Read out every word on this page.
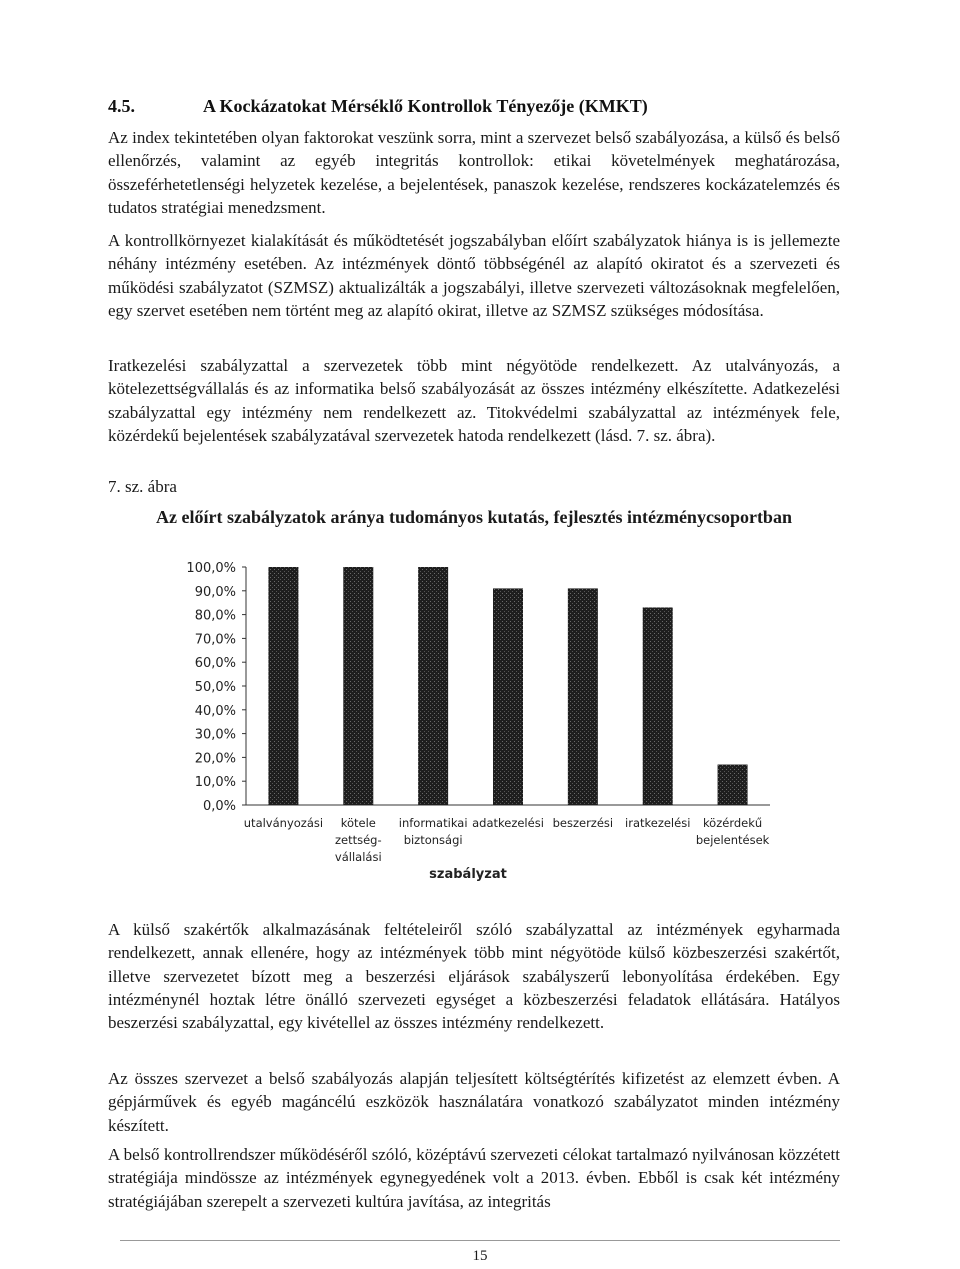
4.5.	A Kockázatokat Mérséklő Kontrollok Tényezője (KMKT)

Az index tekintetében olyan faktorokat veszünk sorra, mint a szervezet belső szabályozása, a külső és belső ellenőrzés, valamint az egyéb integritás kontrollok: etikai követelmények meghatározása, összeférhetetlenségi helyzetek kezelése, a bejelentések, panaszok kezelése, rendszeres kockázatelemzés és tudatos stratégiai menedzsment.

A kontrollkörnyezet kialakítását és működtetését jogszabályban előírt szabályzatok hiánya is is jellemezte néhány intézmény esetében. Az intézmények döntő többségénél az alapító okiratot és a szervezeti és működési szabályzatot (SZMSZ) aktualizálták a jogszabályi, illetve szervezeti változásoknak megfelelően, egy szervet esetében nem történt meg az alapító okirat, illetve az SZMSZ szükséges módosítása.

Iratkezelési szabályzattal a szervezetek több mint négyötöde rendelkezett. Az utalványozás, a kötelezettségvállalás és az informatika belső szabályozását az összes intézmény elkészítette. Adatkezelési szabályzattal egy intézmény nem rendelkezett az. Titokvédelmi szabályzattal az intézmények fele, közérdekű bejelentések szabályzatával szervezetek hatoda rendelkezett (lásd. 7. sz. ábra).

7. sz. ábra
Az előírt szabályzatok aránya tudományos kutatás, fejlesztés intézménycsoportban
0,0%
10,0%
20,0%
30,0%
40,0%
50,0%
60,0%
70,0%
80,0%
90,0%
100,0%
utalványozási	kötele zettség-vállalási
informatikai biztonsági
adatkezelési beszerzési iratkezelési	közérdekű bejelentések
szabályzat

A külső szakértők alkalmazásának feltételeiről szóló szabályzattal az intézmények egyharmada rendelkezett, annak ellenére, hogy az intézmények több mint négyötöde külső közbeszerzési szakértőt, illetve szervezetet bízott meg a beszerzési eljárások szabályszerű lebonyolítása érdekében. Egy intézménynél hoztak létre önálló szervezeti egységet a közbeszerzési feladatok ellátására. Hatályos beszerzési szabályzattal, egy kivétellel az összes intézmény rendelkezett.

Az összes szervezet a belső szabályozás alapján teljesített költségtérítés kifizetést az elemzett évben. A gépjárművek és egyéb magáncélú eszközök használatára vonatkozó szabályzatot minden intézmény készített.

A belső kontrollrendszer működéséről szóló, középtávú szervezeti célokat tartalmazó nyilvánosan közzétett stratégiája mindössze az intézmények egynegyedének volt a 2013. évben. Ebből is csak két intézmény stratégiájában szerepelt a szervezeti kultúra javítása, az integritás

15
